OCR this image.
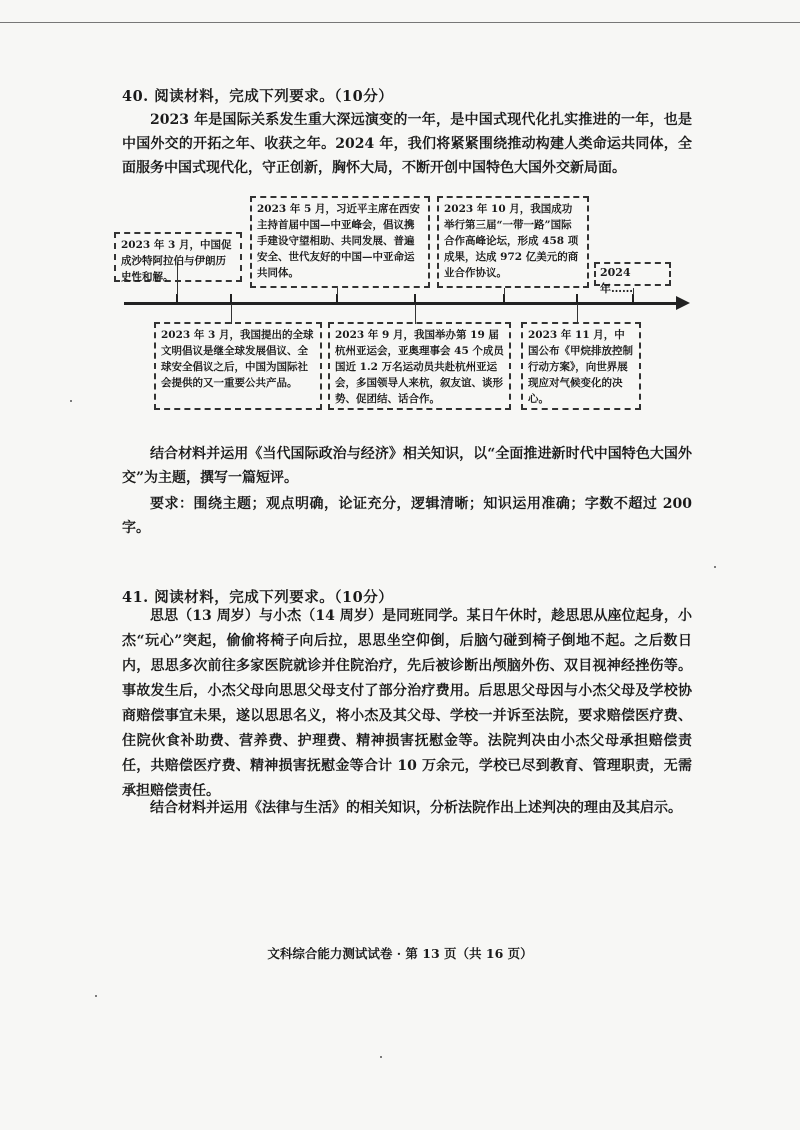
40. 阅读材料，完成下列要求。（10分）
2023 年是国际关系发生重大深远演变的一年，是中国式现代化扎实推进的一年，也是中国外交的开拓之年、收获之年。2024 年，我们将紧紧围绕推动构建人类命运共同体，全面服务中国式现代化，守正创新，胸怀大局，不断开创中国特色大国外交新局面。
2023 年 3 月，中国促成沙特阿拉伯与伊朗历史性和解。
2023 年 5 月，习近平主席在西安主持首届中国—中亚峰会，倡议携手建设守望相助、共同发展、普遍安全、世代友好的中国—中亚命运共同体。
2023 年 10 月，我国成功举行第三届“一带一路”国际合作高峰论坛，形成 458 项成果，达成 972 亿美元的商业合作协议。	2024 年……
2023 年 3 月，我国提出的全球文明倡议是继全球发展倡议、全球安全倡议之后，中国为国际社会提供的又一重要公共产品。
2023 年 9 月，我国举办第 19 届杭州亚运会，亚奥理事会 45 个成员国近 1.2 万名运动员共赴杭州亚运会，多国领导人来杭，叙友谊、谈形势、促团结、话合作。
2023 年 11 月，中国公布《甲烷排放控制行动方案》，向世界展现应对气候变化的决心。
结合材料并运用《当代国际政治与经济》相关知识，以“全面推进新时代中国特色大国外交”为主题，撰写一篇短评。
要求：围绕主题；观点明确，论证充分，逻辑清晰；知识运用准确；字数不超过 200 字。
41. 阅读材料，完成下列要求。（10分）
思思（13 周岁）与小杰（14 周岁）是同班同学。某日午休时，趁思思从座位起身，小杰“玩心”突起，偷偷将椅子向后拉，思思坐空仰倒，后脑勺碰到椅子倒地不起。之后数日内，思思多次前往多家医院就诊并住院治疗，先后被诊断出颅脑外伤、双目视神经挫伤等。事故发生后，小杰父母向思思父母支付了部分治疗费用。后思思父母因与小杰父母及学校协商赔偿事宜未果，遂以思思名义，将小杰及其父母、学校一并诉至法院，要求赔偿医疗费、住院伙食补助费、营养费、护理费、精神损害抚慰金等。法院判决由小杰父母承担赔偿责任，共赔偿医疗费、精神损害抚慰金等合计 10 万余元，学校已尽到教育、管理职责，无需承担赔偿责任。
结合材料并运用《法律与生活》的相关知识，分析法院作出上述判决的理由及其启示。
文科综合能力测试试卷 · 第 13 页（共 16 页）
